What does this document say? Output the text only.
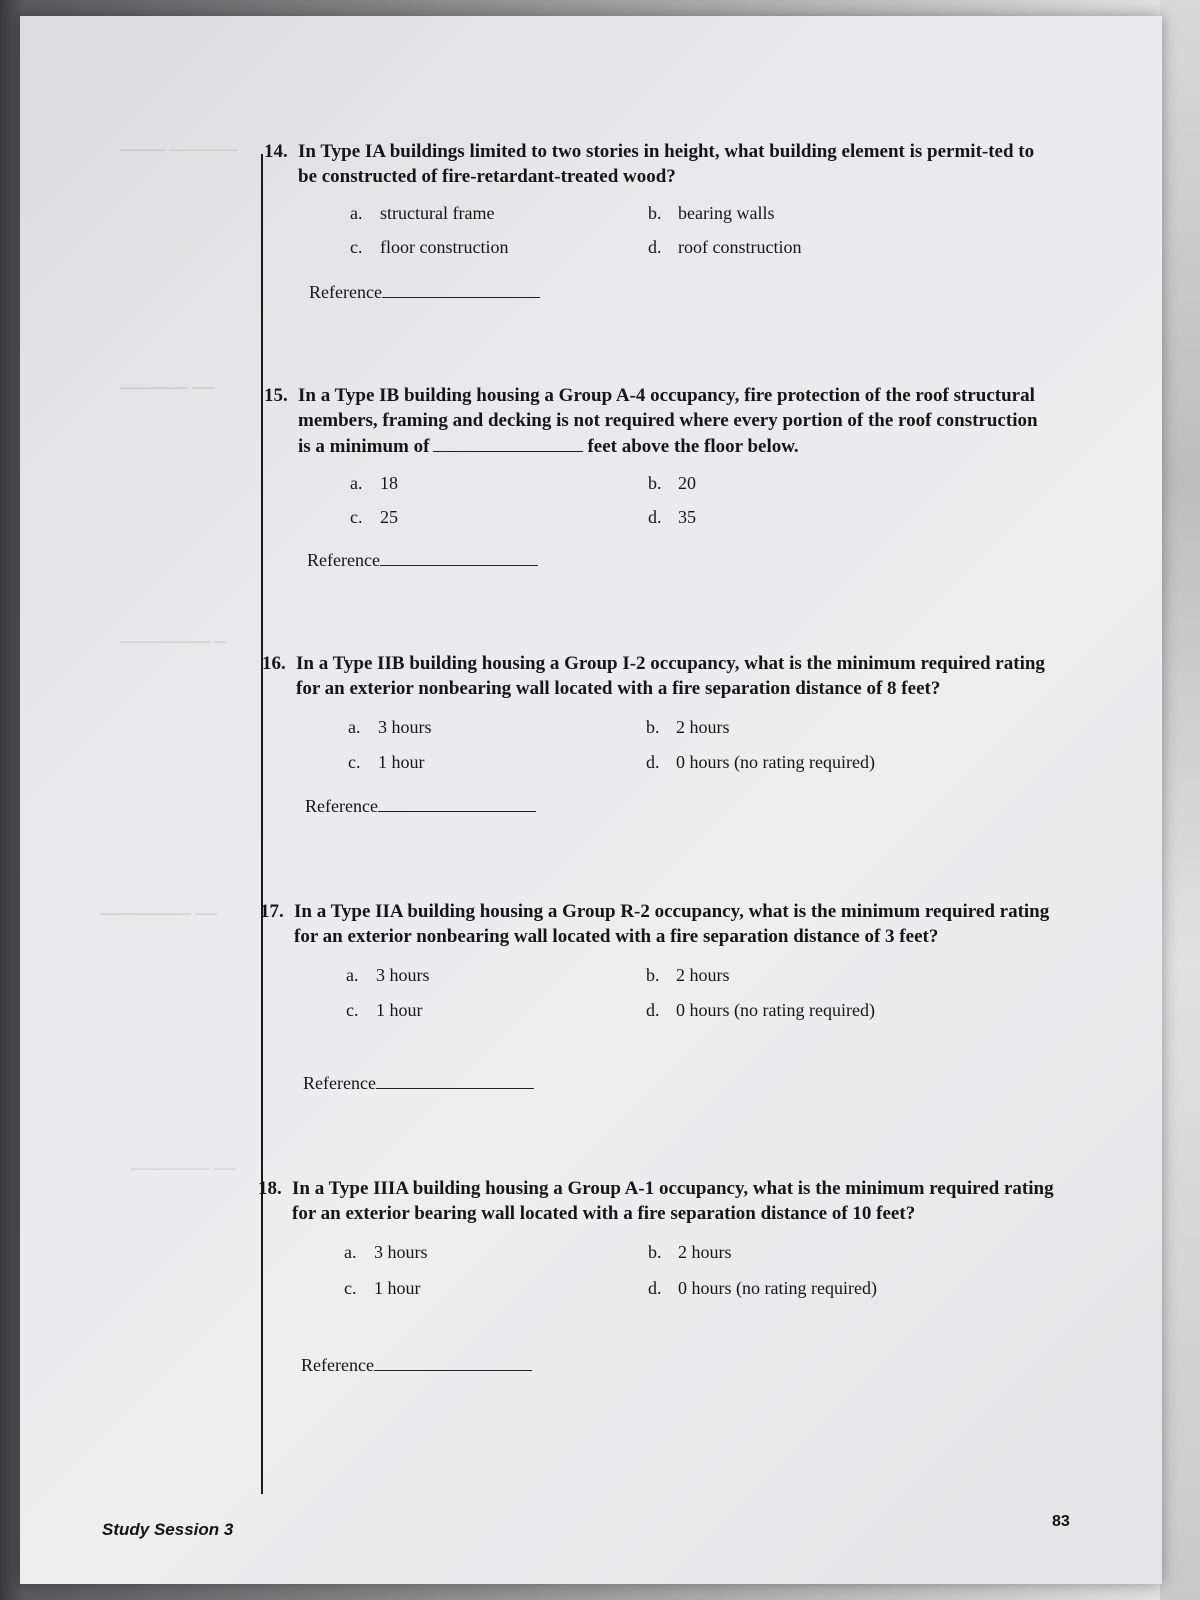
──── ──────
────── ──
──────── ─
──────── ──
─────── ──
14. In Type IA buildings limited to two stories in height, what building element is permit-ted to be constructed of fire-retardant-treated wood?
a. structural frame	b. bearing walls
c. floor construction	d. roof construction
Reference
15. In a Type IB building housing a Group A-4 occupancy, fire protection of the roof structural members, framing and decking is not required where every portion of the roof construction is a minimum of	feet above the floor below.
a. 18	b. 20
c. 25	d. 35
Reference
16. In a Type IIB building housing a Group I-2 occupancy, what is the minimum required rating for an exterior nonbearing wall located with a fire separation distance of 8 feet?
a. 3 hours	b. 2 hours
c. 1 hour	d. 0 hours (no rating required)
Reference
17. In a Type IIA building housing a Group R-2 occupancy, what is the minimum required rating for an exterior nonbearing wall located with a fire separation distance of 3 feet?
a. 3 hours	b. 2 hours
c. 1 hour	d. 0 hours (no rating required)
Reference
18. In a Type IIIA building housing a Group A-1 occupancy, what is the minimum required rating for an exterior bearing wall located with a fire separation distance of 10 feet?
a. 3 hours	b. 2 hours
c. 1 hour	d. 0 hours (no rating required)
Reference
Study Session 3	83
